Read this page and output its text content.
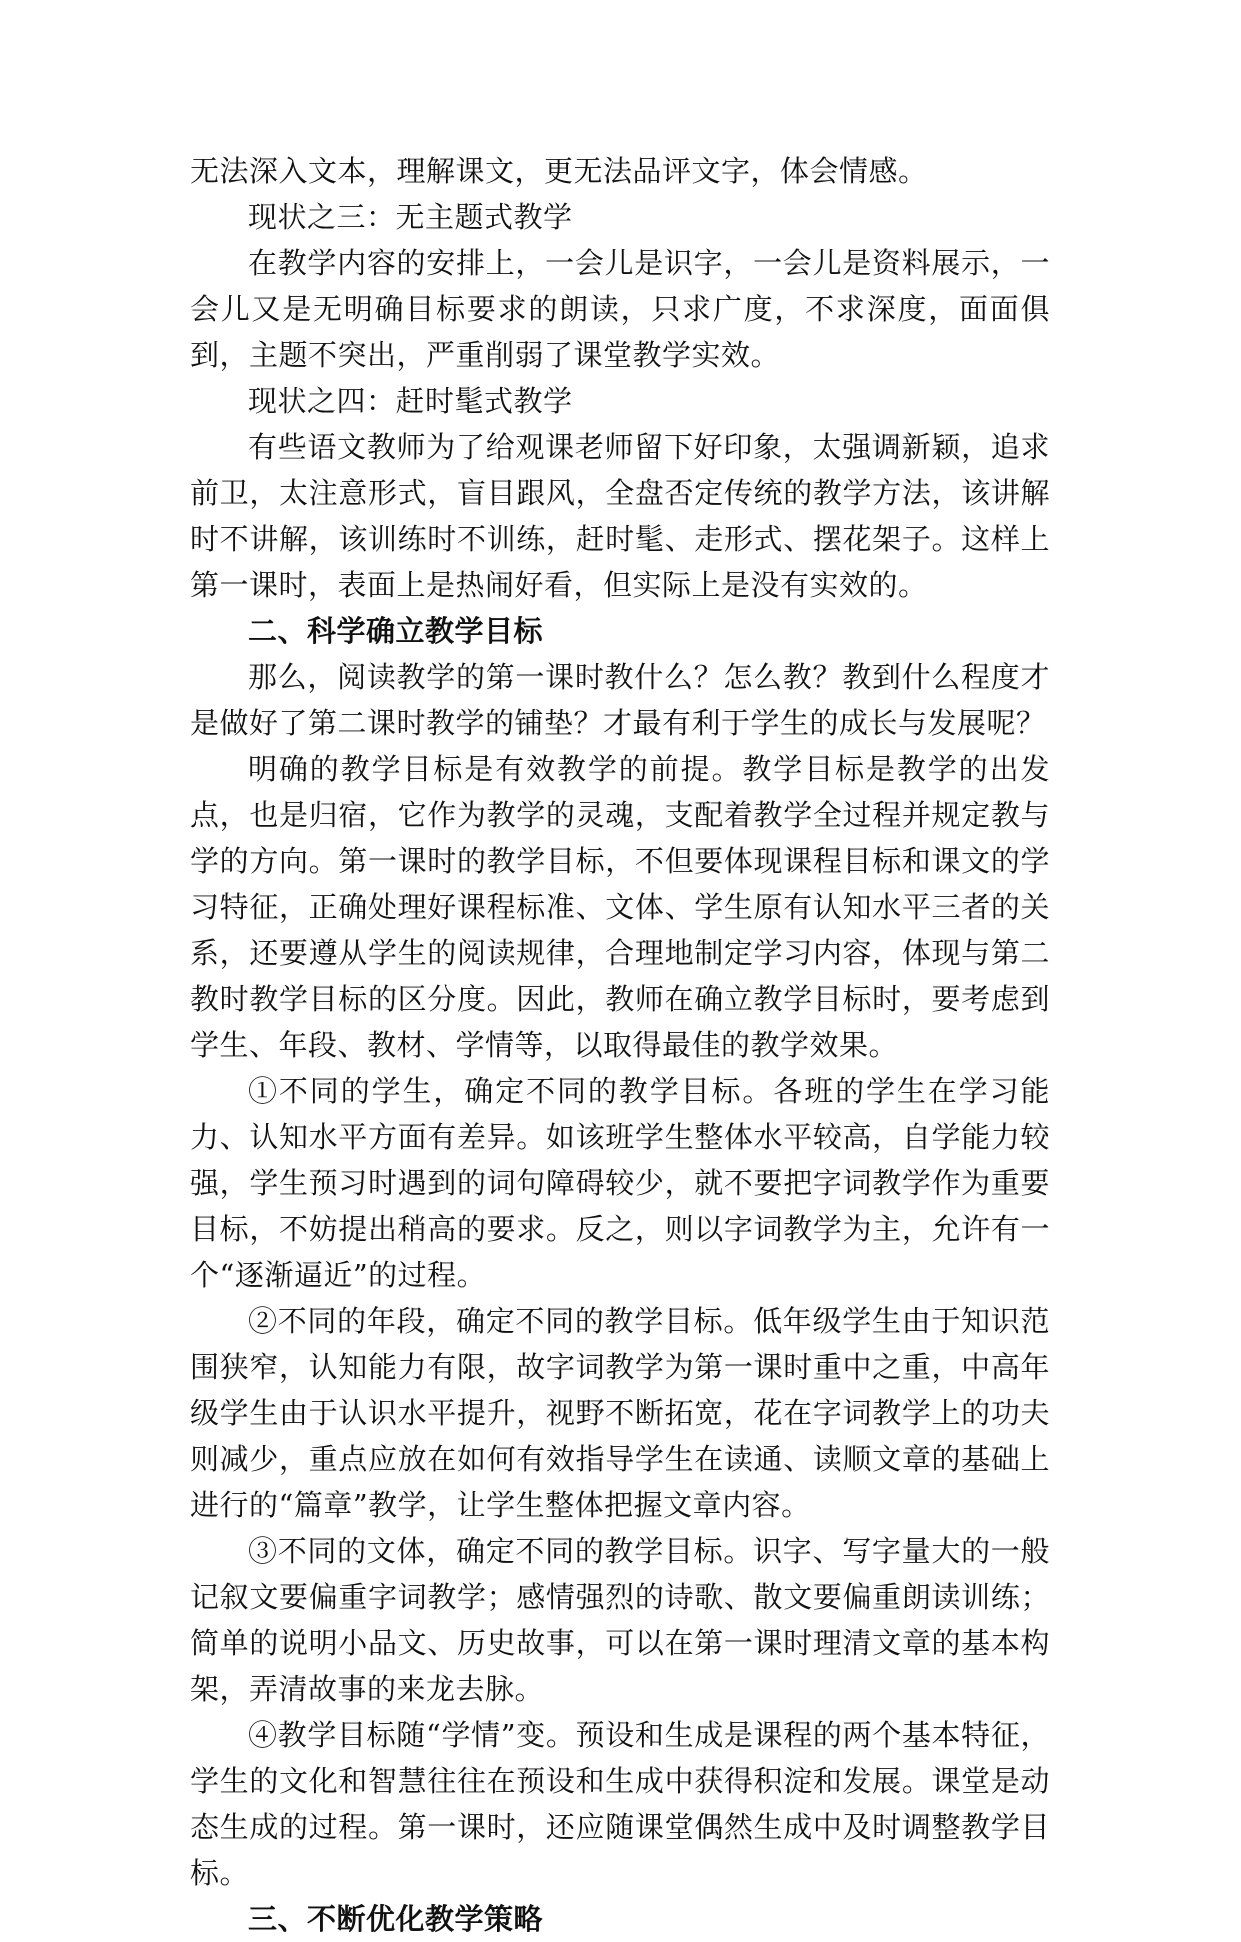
无法深入文本，理解课文，更无法品评文字，体会情感。

现状之三：无主题式教学

在教学内容的安排上，一会儿是识字，一会儿是资料展示，一会儿又是无明确目标要求的朗读，只求广度，不求深度，面面俱到，主题不突出，严重削弱了课堂教学实效。

现状之四：赶时髦式教学

有些语文教师为了给观课老师留下好印象，太强调新颖，追求前卫，太注意形式，盲目跟风，全盘否定传统的教学方法，该讲解时不讲解，该训练时不训练，赶时髦、走形式、摆花架子。这样上第一课时，表面上是热闹好看，但实际上是没有实效的。

二、科学确立教学目标

那么，阅读教学的第一课时教什么？怎么教？教到什么程度才是做好了第二课时教学的铺垫？才最有利于学生的成长与发展呢？

明确的教学目标是有效教学的前提。教学目标是教学的出发点，也是归宿，它作为教学的灵魂，支配着教学全过程并规定教与学的方向。第一课时的教学目标，不但要体现课程目标和课文的学习特征，正确处理好课程标准、文体、学生原有认知水平三者的关系，还要遵从学生的阅读规律，合理地制定学习内容，体现与第二教时教学目标的区分度。因此，教师在确立教学目标时，要考虑到学生、年段、教材、学情等，以取得最佳的教学效果。

①不同的学生，确定不同的教学目标。各班的学生在学习能力、认知水平方面有差异。如该班学生整体水平较高，自学能力较强，学生预习时遇到的词句障碍较少，就不要把字词教学作为重要目标，不妨提出稍高的要求。反之，则以字词教学为主，允许有一个“逐渐逼近”的过程。

②不同的年段，确定不同的教学目标。低年级学生由于知识范围狭窄，认知能力有限，故字词教学为第一课时重中之重，中高年级学生由于认识水平提升，视野不断拓宽，花在字词教学上的功夫则减少，重点应放在如何有效指导学生在读通、读顺文章的基础上进行的“篇章”教学，让学生整体把握文章内容。

③不同的文体，确定不同的教学目标。识字、写字量大的一般记叙文要偏重字词教学；感情强烈的诗歌、散文要偏重朗读训练；简单的说明小品文、历史故事，可以在第一课时理清文章的基本构架，弄清故事的来龙去脉。

④教学目标随“学情”变。预设和生成是课程的两个基本特征，学生的文化和智慧往往在预设和生成中获得积淀和发展。课堂是动态生成的过程。第一课时，还应随课堂偶然生成中及时调整教学目标。

三、不断优化教学策略
